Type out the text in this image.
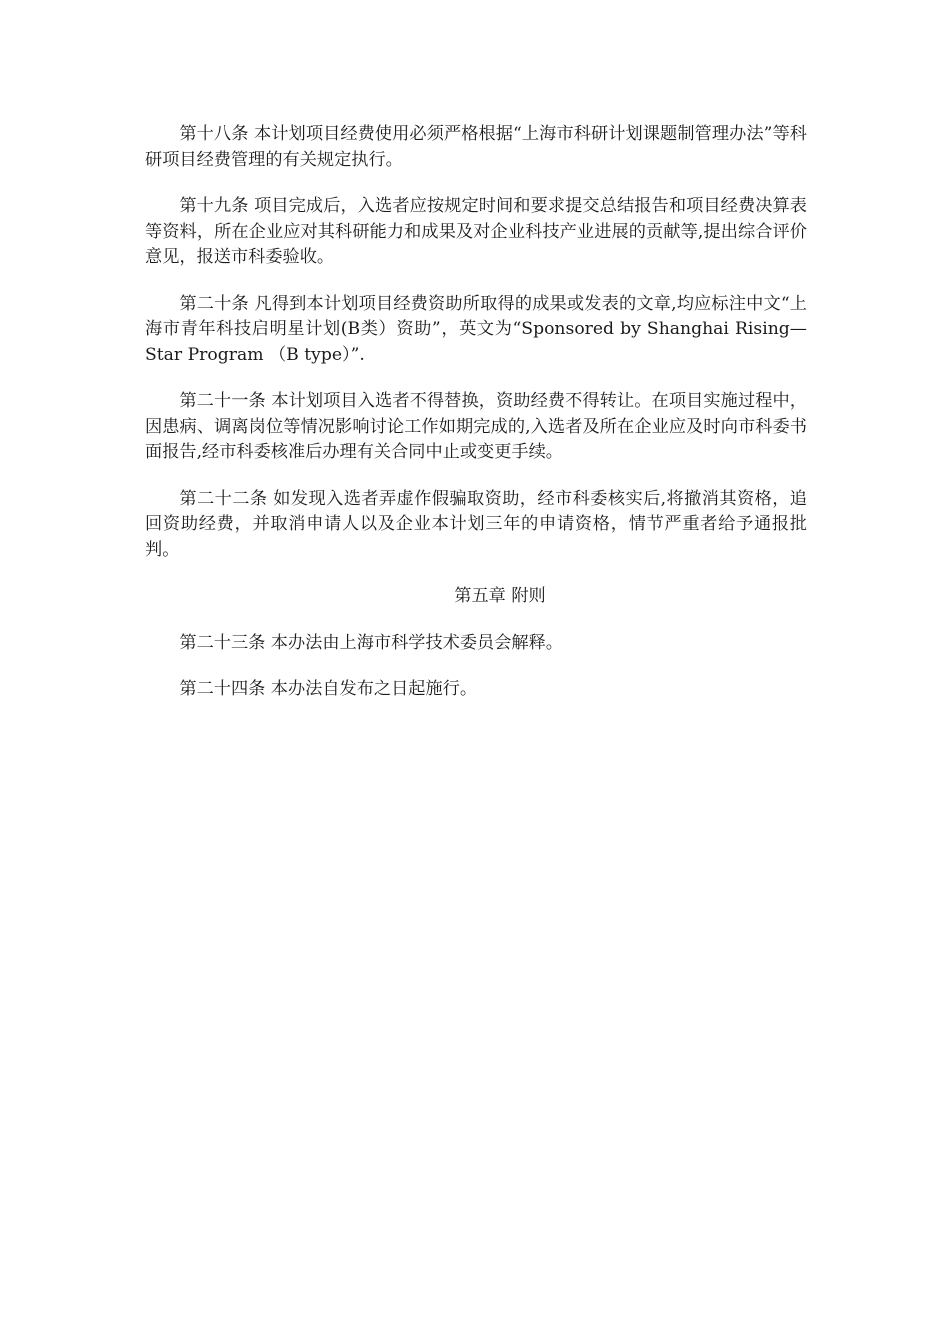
第十八条 本计划项目经费使用必须严格根据“上海市科研计划课题制管理办法”等科研项目经费管理的有关规定执行。

第十九条 项目完成后，入选者应按规定时间和要求提交总结报告和项目经费决算表等资料，所在企业应对其科研能力和成果及对企业科技产业进展的贡献等,提出综合评价意见，报送市科委验收。

第二十条 凡得到本计划项目经费资助所取得的成果或发表的文章,均应标注中文“上海市青年科技启明星计划(B类）资助”，英文为“Sponsored by Shanghai Rising—Star Program （B type）”.

第二十一条 本计划项目入选者不得替换，资助经费不得转让。在项目实施过程中，因患病、调离岗位等情况影响讨论工作如期完成的,入选者及所在企业应及时向市科委书面报告,经市科委核准后办理有关合同中止或变更手续。

第二十二条 如发现入选者弄虚作假骗取资助，经市科委核实后,将撤消其资格，追回资助经费，并取消申请人以及企业本计划三年的申请资格，情节严重者给予通报批判。

第五章 附则

第二十三条 本办法由上海市科学技术委员会解释。

第二十四条 本办法自发布之日起施行。
